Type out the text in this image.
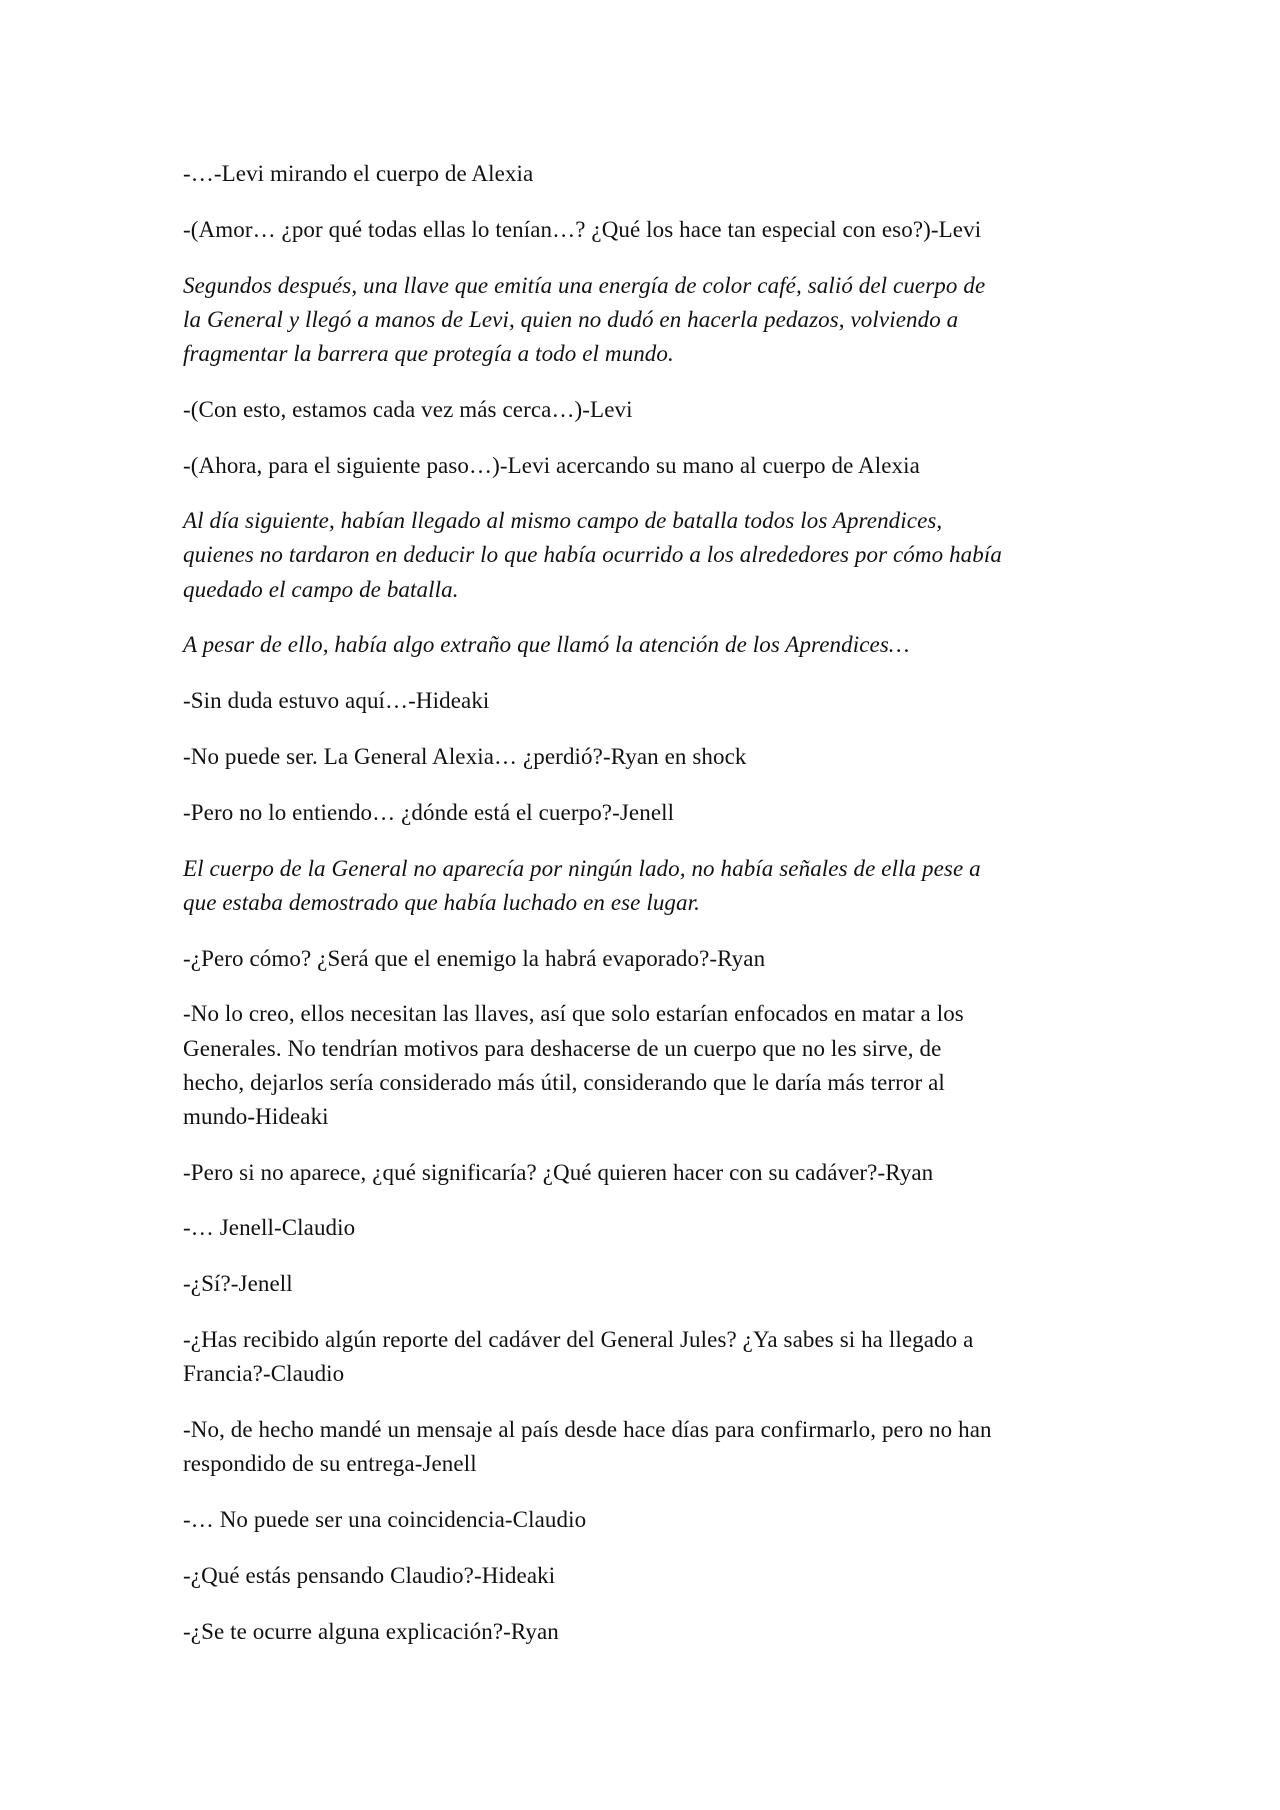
-…-Levi mirando el cuerpo de Alexia

-(Amor… ¿por qué todas ellas lo tenían…? ¿Qué los hace tan especial con eso?)-Levi

Segundos después, una llave que emitía una energía de color café, salió del cuerpo de
la General y llegó a manos de Levi, quien no dudó en hacerla pedazos, volviendo a
fragmentar la barrera que protegía a todo el mundo.

-(Con esto, estamos cada vez más cerca…)-Levi

-(Ahora, para el siguiente paso…)-Levi acercando su mano al cuerpo de Alexia

Al día siguiente, habían llegado al mismo campo de batalla todos los Aprendices,
quienes no tardaron en deducir lo que había ocurrido a los alrededores por cómo había
quedado el campo de batalla.

A pesar de ello, había algo extraño que llamó la atención de los Aprendices…

-Sin duda estuvo aquí…-Hideaki

-No puede ser. La General Alexia… ¿perdió?-Ryan en shock

-Pero no lo entiendo… ¿dónde está el cuerpo?-Jenell

El cuerpo de la General no aparecía por ningún lado, no había señales de ella pese a
que estaba demostrado que había luchado en ese lugar.

-¿Pero cómo? ¿Será que el enemigo la habrá evaporado?-Ryan

-No lo creo, ellos necesitan las llaves, así que solo estarían enfocados en matar a los
Generales. No tendrían motivos para deshacerse de un cuerpo que no les sirve, de
hecho, dejarlos sería considerado más útil, considerando que le daría más terror al
mundo-Hideaki

-Pero si no aparece, ¿qué significaría? ¿Qué quieren hacer con su cadáver?-Ryan

-… Jenell-Claudio

-¿Sí?-Jenell

-¿Has recibido algún reporte del cadáver del General Jules? ¿Ya sabes si ha llegado a
Francia?-Claudio

-No, de hecho mandé un mensaje al país desde hace días para confirmarlo, pero no han
respondido de su entrega-Jenell

-… No puede ser una coincidencia-Claudio

-¿Qué estás pensando Claudio?-Hideaki

-¿Se te ocurre alguna explicación?-Ryan
